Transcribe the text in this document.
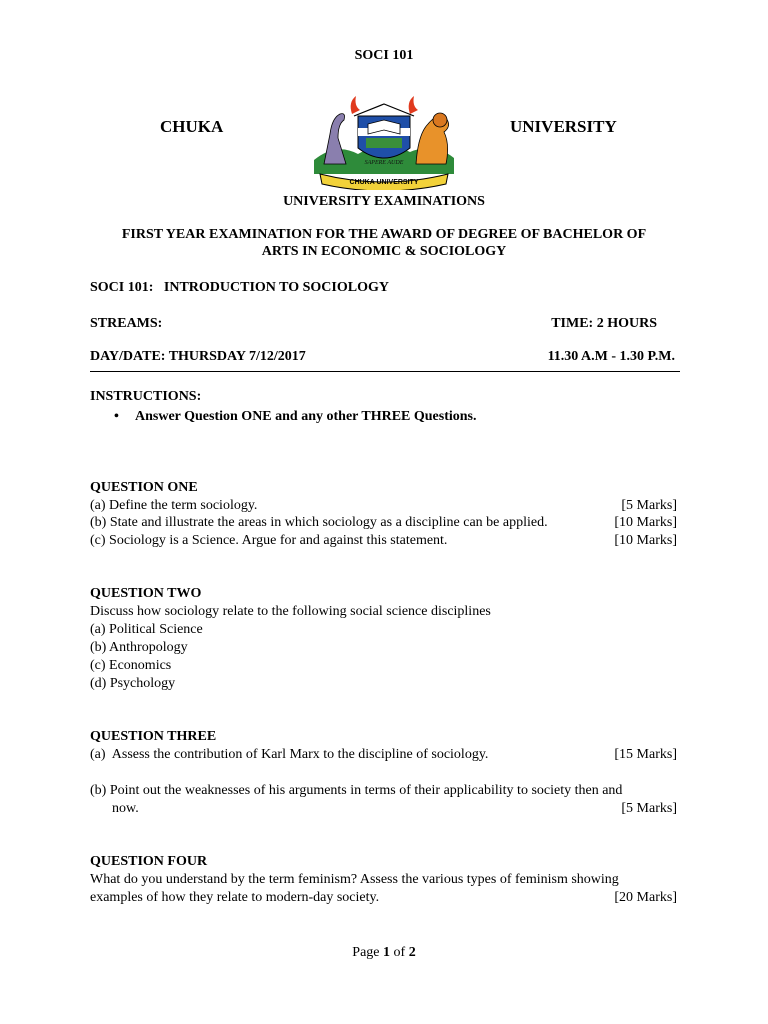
SOCI 101
CHUKA	UNIVERSITY
CHUKA UNIVERSITY
SAPERE AUDE
UNIVERSITY EXAMINATIONS
FIRST YEAR EXAMINATION FOR THE AWARD OF DEGREE OF BACHELOR OF
ARTS IN ECONOMIC & SOCIOLOGY
SOCI 101:   INTRODUCTION TO SOCIOLOGY
STREAMS:	TIME: 2 HOURS
DAY/DATE: THURSDAY 7/12/2017	11.30 A.M - 1.30 P.M.
INSTRUCTIONS:
• Answer Question ONE and any other THREE Questions.
QUESTION ONE
(a) Define the term sociology.	[5 Marks]
(b) State and illustrate the areas in which sociology as a discipline can be applied.	[10 Marks]
(c) Sociology is a Science. Argue for and against this statement.	[10 Marks]
QUESTION TWO
Discuss how sociology relate to the following social science disciplines
(a) Political Science
(b) Anthropology
(c) Economics
(d) Psychology
QUESTION THREE
(a)  Assess the contribution of Karl Marx to the discipline of sociology.	[15 Marks]
(b) Point out the weaknesses of his arguments in terms of their applicability to society then and
now.	[5 Marks]
QUESTION FOUR
What do you understand by the term feminism? Assess the various types of feminism showing
examples of how they relate to modern-day society.	[20 Marks]
Page 1 of 2
